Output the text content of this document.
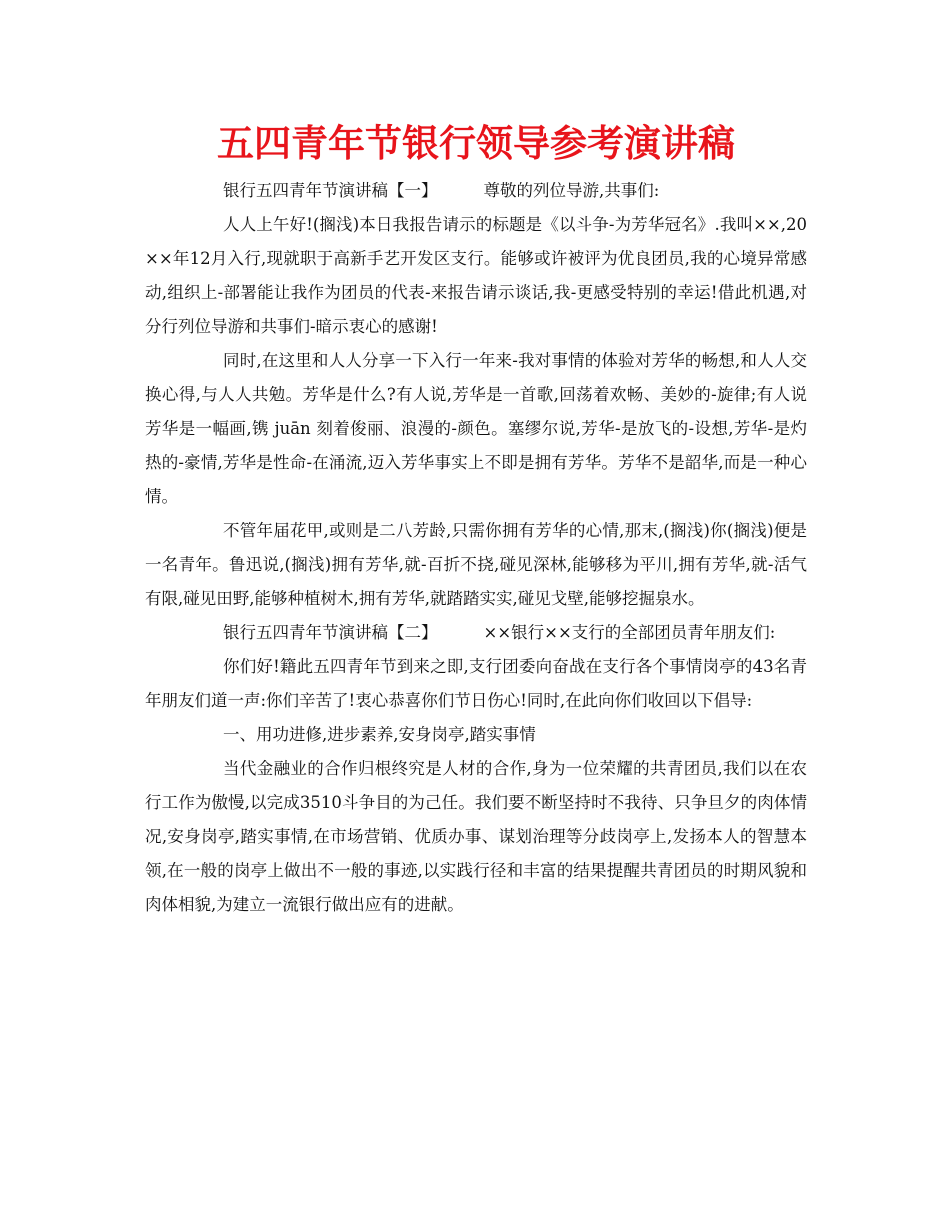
五四青年节银行领导参考演讲稿

银行五四青年节演讲稿【一】	尊敬的列位导游,共事们:

人人上午好!(搁浅)本日我报告请示的标题是《以斗争-为芳华冠名》.我叫××,20××年12月入行,现就职于高新手艺开发区支行。能够或许被评为优良团员,我的心境异常感动,组织上-部署能让我作为团员的代表-来报告请示谈话,我-更感受特别的幸运!借此机遇,对分行列位导游和共事们-暗示衷心的感谢!

同时,在这里和人人分享一下入行一年来-我对事情的体验对芳华的畅想,和人人交换心得,与人人共勉。芳华是什么?有人说,芳华是一首歌,回荡着欢畅、美妙的-旋律;有人说芳华是一幅画,镌 juān 刻着俊丽、浪漫的-颜色。塞缪尔说,芳华-是放飞的-设想,芳华-是灼热的-豪情,芳华是性命-在涌流,迈入芳华事实上不即是拥有芳华。芳华不是韶华,而是一种心情。

不管年届花甲,或则是二八芳龄,只需你拥有芳华的心情,那末,(搁浅)你(搁浅)便是一名青年。鲁迅说,(搁浅)拥有芳华,就-百折不挠,碰见深林,能够移为平川,拥有芳华,就-活气有限,碰见田野,能够种植树木,拥有芳华,就踏踏实实,碰见戈壁,能够挖掘泉水。

银行五四青年节演讲稿【二】	××银行××支行的全部团员青年朋友们:

你们好!籍此五四青年节到来之即,支行团委向奋战在支行各个事情岗亭的43名青年朋友们道一声:你们辛苦了!衷心恭喜你们节日伤心!同时,在此向你们收回以下倡导:

一、用功进修,进步素养,安身岗亭,踏实事情

当代金融业的合作归根终究是人材的合作,身为一位荣耀的共青团员,我们以在农行工作为傲慢,以完成3510斗争目的为己任。我们要不断坚持时不我待、只争旦夕的肉体情况,安身岗亭,踏实事情,在市场营销、优质办事、谋划治理等分歧岗亭上,发扬本人的智慧本领,在一般的岗亭上做出不一般的事迹,以实践行径和丰富的结果提醒共青团员的时期风貌和肉体相貌,为建立一流银行做出应有的进献。
